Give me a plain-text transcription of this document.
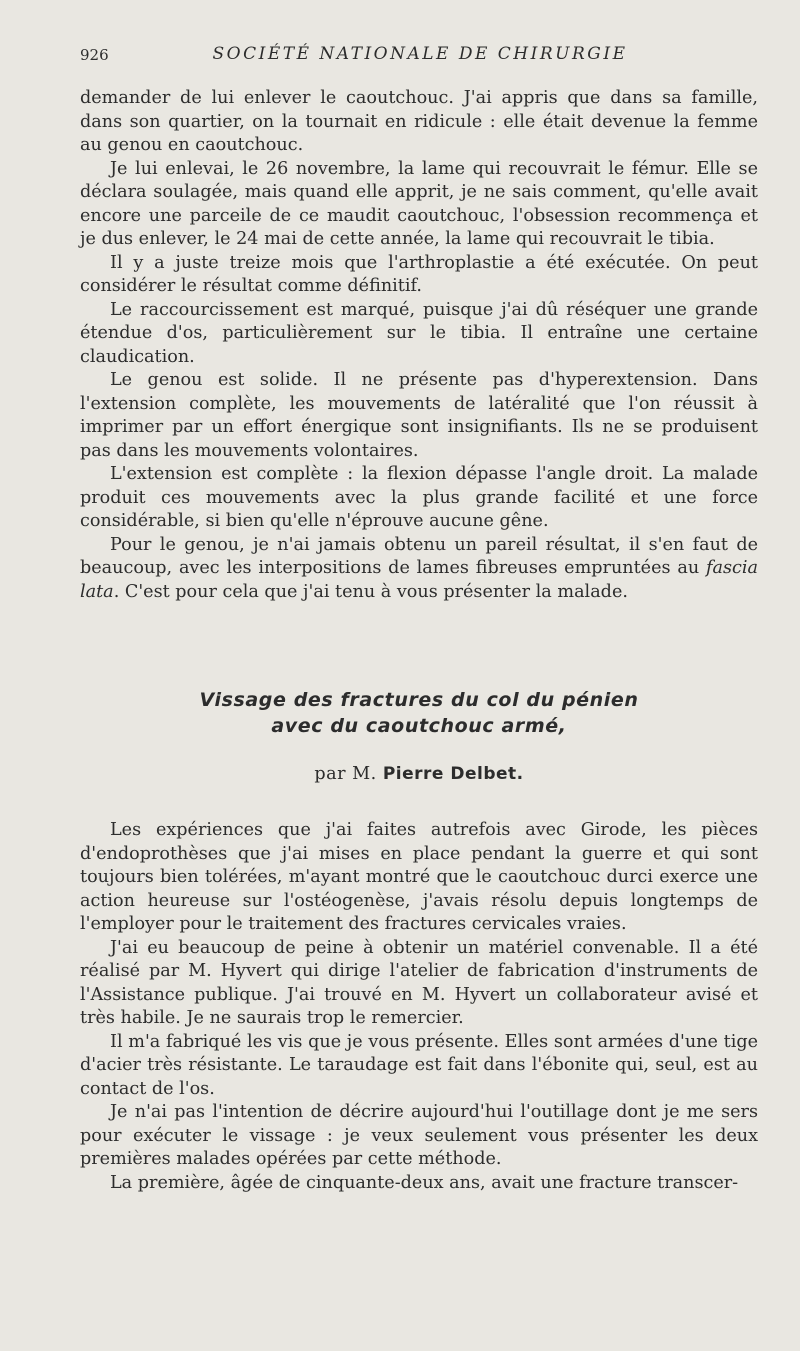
926	SOCIÉTÉ NATIONALE DE CHIRURGIE

demander de lui enlever le caoutchouc. J'ai appris que dans sa famille, dans son quartier, on la tournait en ridicule : elle était devenue la femme au genou en caoutchouc.

Je lui enlevai, le 26 novembre, la lame qui recouvrait le fémur. Elle se déclara soulagée, mais quand elle apprit, je ne sais comment, qu'elle avait encore une parceile de ce maudit caoutchouc, l'obsession recommença et je dus enlever, le 24 mai de cette année, la lame qui recouvrait le tibia.

Il y a juste treize mois que l'arthroplastie a été exécutée. On peut considérer le résultat comme définitif.

Le raccourcissement est marqué, puisque j'ai dû réséquer une grande étendue d'os, particulièrement sur le tibia. Il entraîne une certaine claudication.

Le genou est solide. Il ne présente pas d'hyperextension. Dans l'extension complète, les mouvements de latéralité que l'on réussit à imprimer par un effort énergique sont insignifiants. Ils ne se produisent pas dans les mouvements volontaires.

L'extension est complète : la flexion dépasse l'angle droit. La malade produit ces mouvements avec la plus grande facilité et une force considérable, si bien qu'elle n'éprouve aucune gêne.

Pour le genou, je n'ai jamais obtenu un pareil résultat, il s'en faut de beaucoup, avec les interpositions de lames fibreuses empruntées au fascia lata. C'est pour cela que j'ai tenu à vous présenter la malade.

Vissage des fractures du col du pénien
avec du caoutchouc armé,
par M. Pierre Delbet.

Les expériences que j'ai faites autrefois avec Girode, les pièces d'endoprothèses que j'ai mises en place pendant la guerre et qui sont toujours bien tolérées, m'ayant montré que le caoutchouc durci exerce une action heureuse sur l'ostéogenèse, j'avais résolu depuis longtemps de l'employer pour le traitement des fractures cervicales vraies.

J'ai eu beaucoup de peine à obtenir un matériel convenable. Il a été réalisé par M. Hyvert qui dirige l'atelier de fabrication d'instruments de l'Assistance publique. J'ai trouvé en M. Hyvert un collaborateur avisé et très habile. Je ne saurais trop le remercier.

Il m'a fabriqué les vis que je vous présente. Elles sont armées d'une tige d'acier très résistante. Le taraudage est fait dans l'ébonite qui, seul, est au contact de l'os.

Je n'ai pas l'intention de décrire aujourd'hui l'outillage dont je me sers pour exécuter le vissage : je veux seulement vous présenter les deux premières malades opérées par cette méthode.

La première, âgée de cinquante-deux ans, avait une fracture transcer-
